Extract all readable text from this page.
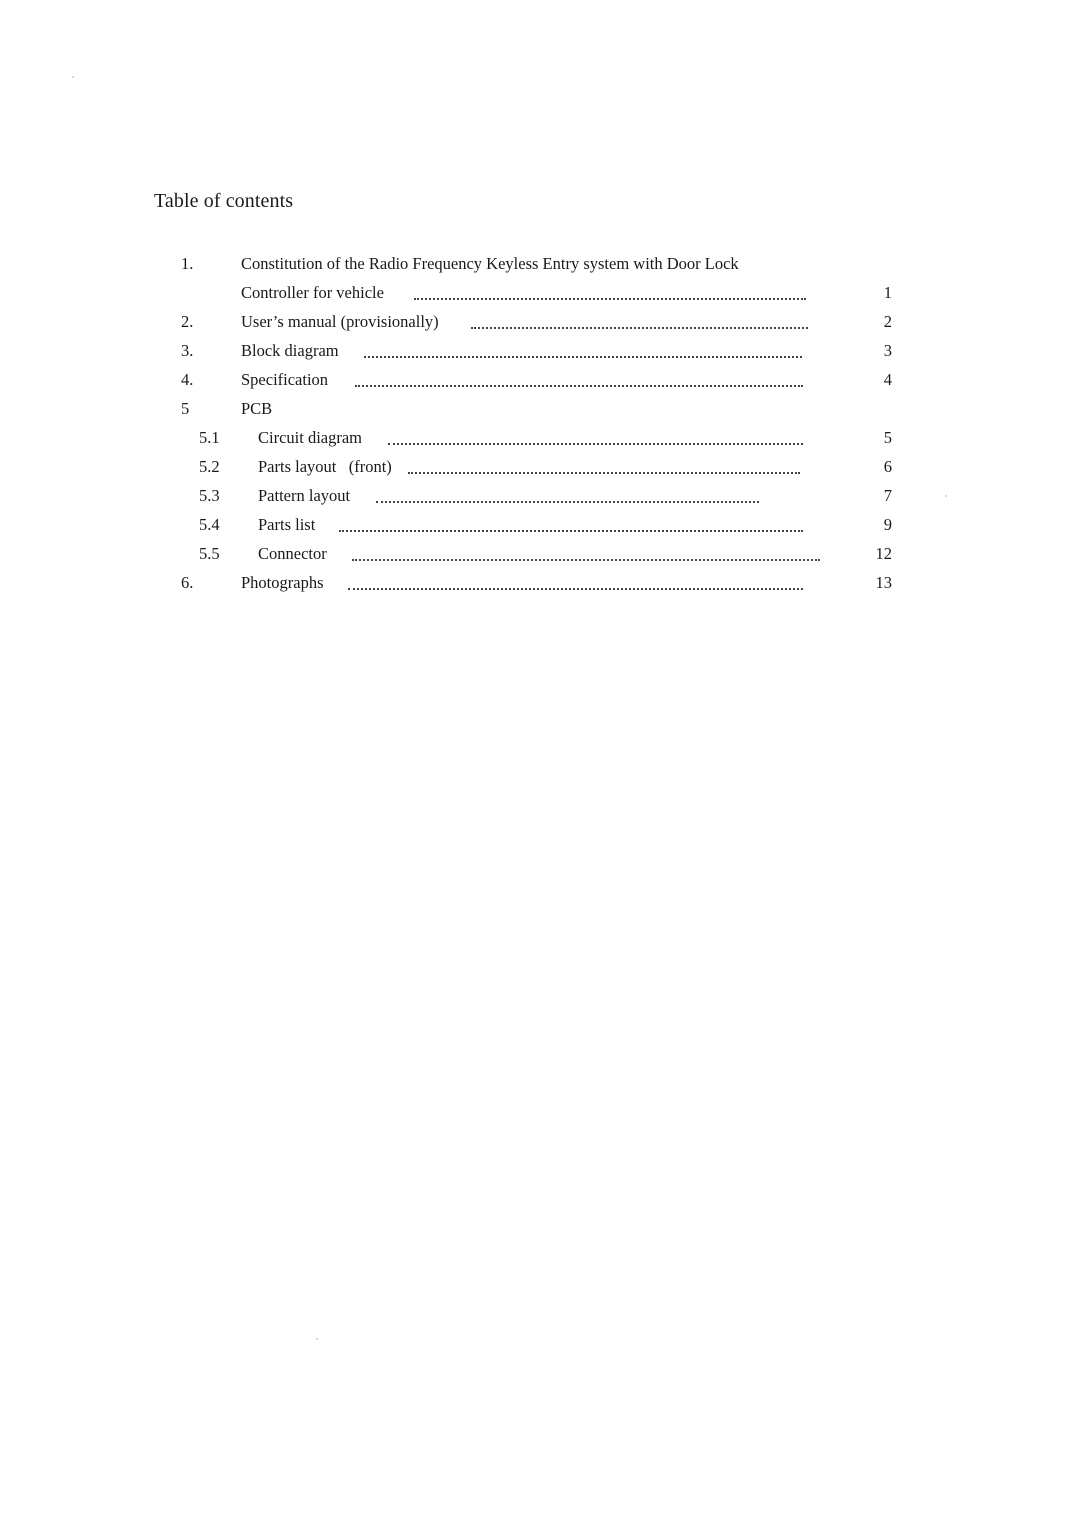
Table of contents
1.	Constitution of the Radio Frequency Keyless Entry system with Door Lock
Controller for vehicle	1
2.	User’s manual (provisionally)	2
3.	Block diagram	3
4.	Specification	4
5	PCB
5.1 Circuit diagram	5
5.2 Parts layout   (front)	6
5.3 Pattern layout	7
5.4 Parts list	9
5.5 Connector	12
6.	Photographs	13
